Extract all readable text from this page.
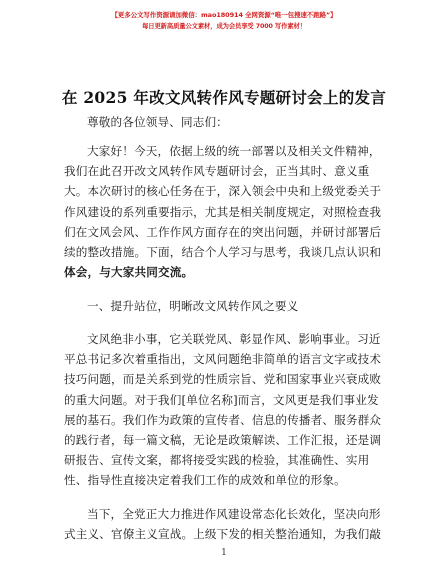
【更多公文写作资源请加微信：mao180914 全网资源“唯一包搜速不跑路”】
每日更新高质量公文素材，成为会员享受 7000 写作素材！
在 2025 年改文风转作风专题研讨会上的发言

尊敬的各位领导、同志们：

大家好！今天，依据上级的统一部署以及相关文件精神，
我们在此召开改文风转作风专题研讨会，正当其时、意义重
大。本次研讨的核心任务在于，深入领会中央和上级党委关于
作风建设的系列重要指示，尤其是相关制度规定，对照检查我
们在文风会风、工作作风方面存在的突出问题，并研讨部署后
续的整改措施。下面，结合个人学习与思考，我谈几点认识和
体会，与大家共同交流。

一、提升站位，明晰改文风转作风之要义

文风绝非小事，它关联党风、彰显作风、影响事业。习近
平总书记多次着重指出，文风问题绝非简单的语言文字或技术
技巧问题，而是关系到党的性质宗旨、党和国家事业兴衰成败
的重大问题。对于我们[单位名称]而言，文风更是我们事业发
展的基石。我们作为政策的宣传者、信息的传播者、服务群众
的践行者，每一篇文稿，无论是政策解读、工作汇报，还是调
研报告、宣传文案，都将接受实践的检验，其准确性、实用
性、指导性直接决定着我们工作的成效和单位的形象。
当下，全党正大力推进作风建设常态化长效化，坚决向形
式主义、官僚主义宣战。上级下发的相关整治通知，为我们敲
1
